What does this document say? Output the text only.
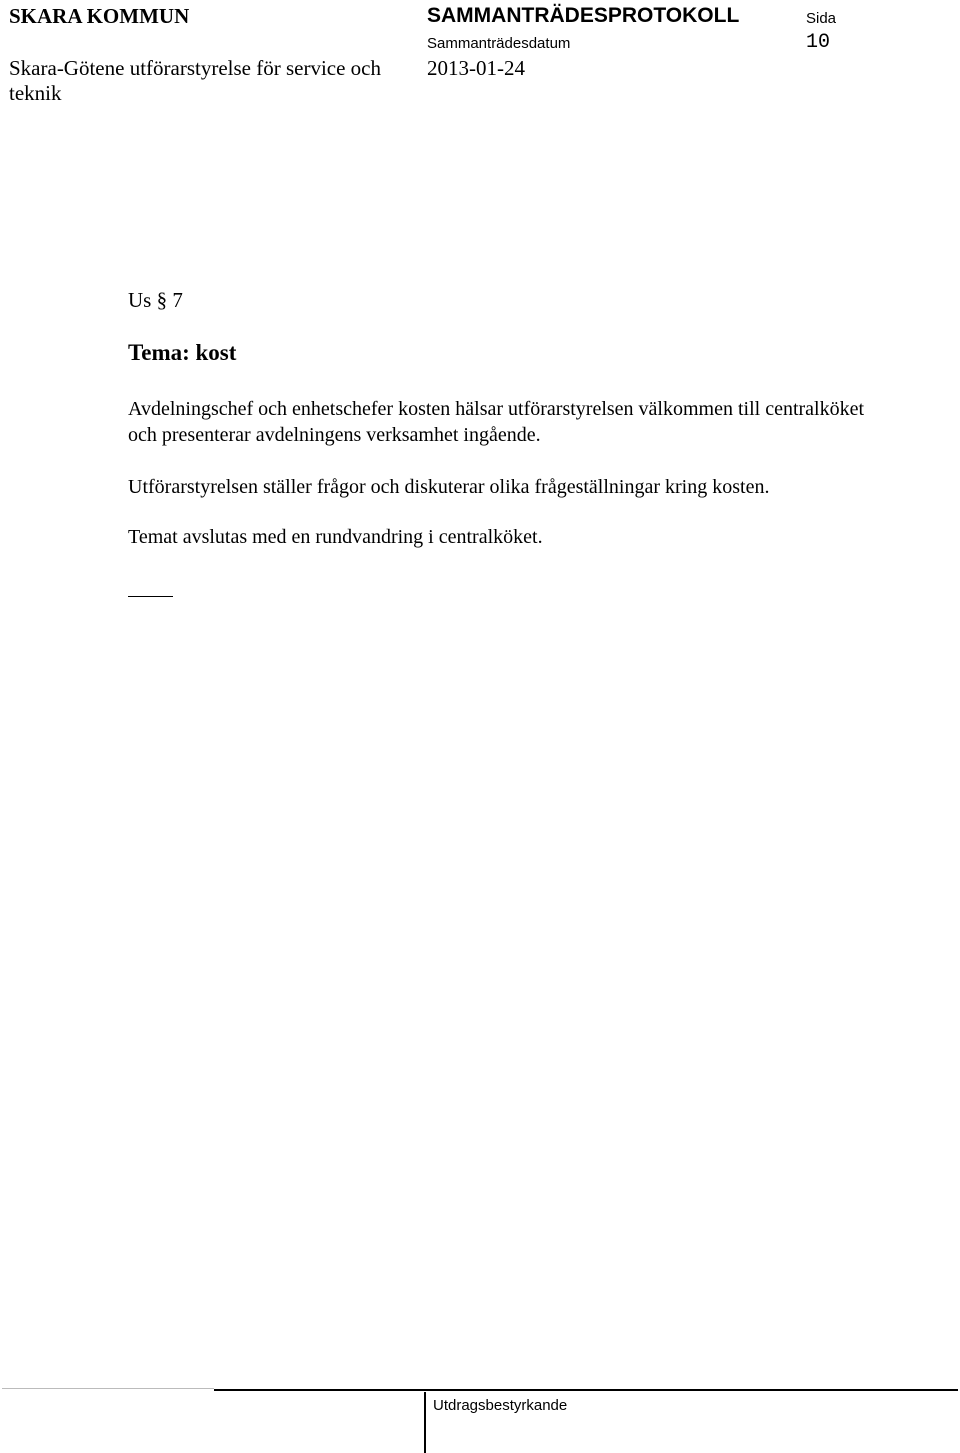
SKARA KOMMUN
Skara-Götene utförarstyrelse för service och teknik
SAMMANTRÄDESPROTOKOLL
Sammanträdesdatum
2013-01-24
Sida
10
Us § 7
Tema: kost
Avdelningschef och enhetschefer kosten hälsar utförarstyrelsen välkommen till centralköket och presenterar avdelningens verksamhet ingående.
Utförarstyrelsen ställer frågor och diskuterar olika frågeställningar kring kosten.
Temat avslutas med en rundvandring i centralköket.
Utdragsbestyrkande
